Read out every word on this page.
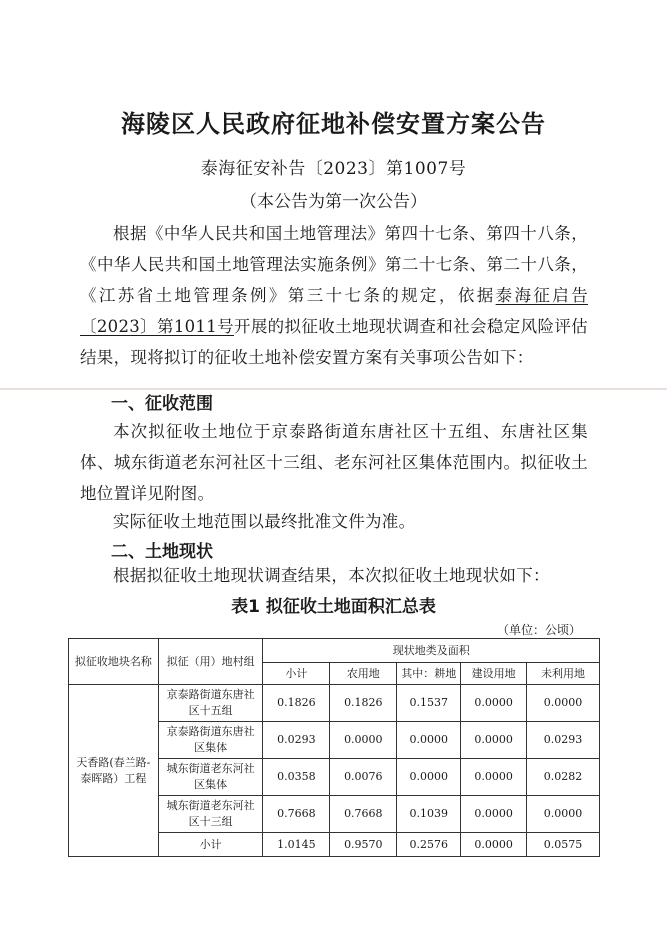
海陵区人民政府征地补偿安置方案公告
泰海征安补告〔2023〕第1007号
（本公告为第一次公告）

根据《中华人民共和国土地管理法》第四十七条、第四十八条，《中华人民共和国土地管理法实施条例》第二十七条、第二十八条，《江苏省土地管理条例》第三十七条的规定，依据泰海征启告〔2023〕第1011号开展的拟征收土地现状调查和社会稳定风险评估结果，现将拟订的征收土地补偿安置方案有关事项公告如下：

一、征收范围

本次拟征收土地位于京泰路街道东唐社区十五组、东唐社区集体、城东街道老东河社区十三组、老东河社区集体范围内。拟征收土地位置详见附图。

实际征收土地范围以最终批准文件为准。

二、土地现状

根据拟征收土地现状调查结果，本次拟征收土地现状如下：

表1 拟征收土地面积汇总表
（单位：公顷）
拟征收地块名称	拟征（用）地村组	现状地类及面积				
		小计	农用地	其中：耕地	建设用地	未利用地
天香路(春兰路-泰晖路）工程	京泰路街道东唐社区十五组	0.1826	0.1826	0.1537	0.0000	0.0000
	京泰路街道东唐社区集体	0.0293	0.0000	0.0000	0.0000	0.0293
	城东街道老东河社区集体	0.0358	0.0076	0.0000	0.0000	0.0282
	城东街道老东河社区十三组	0.7668	0.7668	0.1039	0.0000	0.0000
	小计	1.0145	0.9570	0.2576	0.0000	0.0575
